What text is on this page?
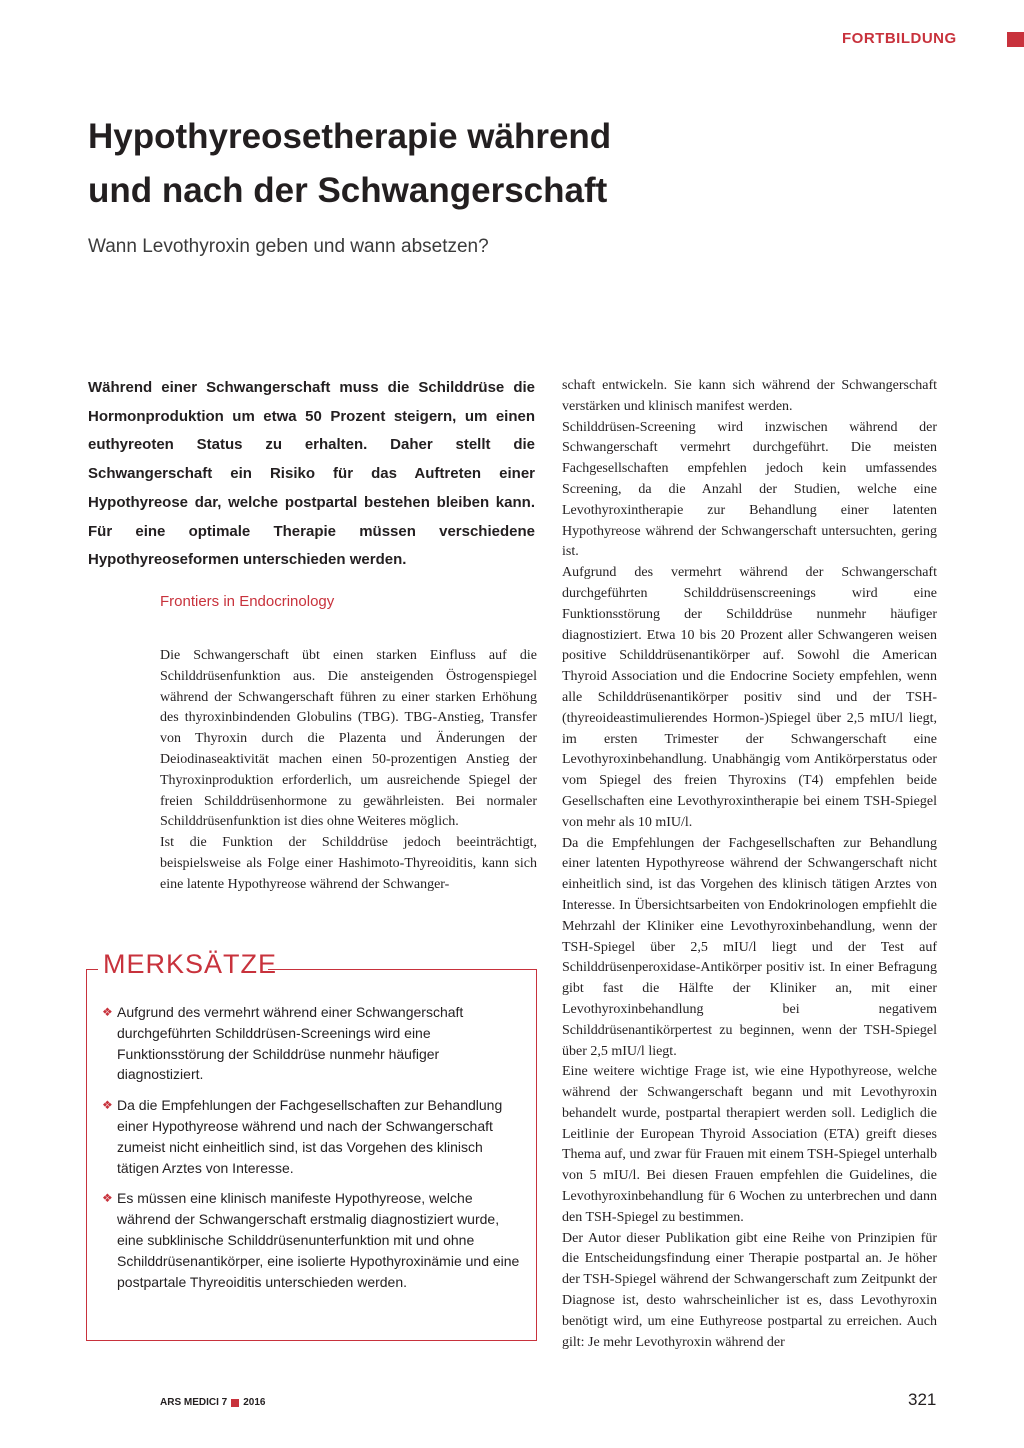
FORTBILDUNG
Hypothyreosetherapie während
und nach der Schwangerschaft
Wann Levothyroxin geben und wann absetzen?

Während einer Schwangerschaft muss die Schilddrüse die Hormonproduktion um etwa 50 Prozent steigern, um einen euthyreoten Status zu erhalten. Daher stellt die Schwangerschaft ein Risiko für das Auftreten einer Hypothyreose dar, welche postpartal bestehen bleiben kann. Für eine optimale Therapie müssen verschiedene Hypothyreoseformen unterschieden werden.

Frontiers in Endocrinology

Die Schwangerschaft übt einen starken Einfluss auf die Schilddrüsenfunktion aus. Die ansteigenden Östrogenspiegel während der Schwangerschaft führen zu einer starken Erhöhung des thyroxinbindenden Globulins (TBG). TBG-Anstieg, Transfer von Thyroxin durch die Plazenta und Änderungen der Deiodinaseaktivität machen einen 50-prozentigen Anstieg der Thyroxinproduktion erforderlich, um ausreichende Spiegel der freien Schilddrüsenhormone zu gewährleisten. Bei normaler Schilddrüsenfunktion ist dies ohne Weiteres möglich.

Ist die Funktion der Schilddrüse jedoch beeinträchtigt, beispielsweise als Folge einer Hashimoto-Thyreoiditis, kann sich eine latente Hypothyreose während der Schwanger-

schaft entwickeln. Sie kann sich während der Schwangerschaft verstärken und klinisch manifest werden.

Schilddrüsen-Screening wird inzwischen während der Schwangerschaft vermehrt durchgeführt. Die meisten Fachgesellschaften empfehlen jedoch kein umfassendes Screening, da die Anzahl der Studien, welche eine Levothyroxintherapie zur Behandlung einer latenten Hypothyreose während der Schwangerschaft untersuchten, gering ist.

Aufgrund des vermehrt während der Schwangerschaft durchgeführten Schilddrüsenscreenings wird eine Funktionsstörung der Schilddrüse nunmehr häufiger diagnostiziert. Etwa 10 bis 20 Prozent aller Schwangeren weisen positive Schilddrüsenantikörper auf. Sowohl die American Thyroid Association und die Endocrine Society empfehlen, wenn alle Schilddrüsenantikörper positiv sind und der TSH-(thyreoideastimulierendes Hormon-)Spiegel über 2,5 mIU/l liegt, im ersten Trimester der Schwangerschaft eine Levothyroxinbehandlung. Unabhängig vom Antikörperstatus oder vom Spiegel des freien Thyroxins (T4) empfehlen beide Gesellschaften eine Levothyroxintherapie bei einem TSH-Spiegel von mehr als 10 mIU/l.

Da die Empfehlungen der Fachgesellschaften zur Behandlung einer latenten Hypothyreose während der Schwangerschaft nicht einheitlich sind, ist das Vorgehen des klinisch tätigen Arztes von Interesse. In Übersichtsarbeiten von Endokrinologen empfiehlt die Mehrzahl der Kliniker eine Levothyroxinbehandlung, wenn der TSH-Spiegel über 2,5 mIU/l liegt und der Test auf Schilddrüsenperoxidase-Antikörper positiv ist. In einer Befragung gibt fast die Hälfte der Kliniker an, mit einer Levothyroxinbehandlung bei negativem Schilddrüsenantikörpertest zu beginnen, wenn der TSH-Spiegel über 2,5 mIU/l liegt.

Eine weitere wichtige Frage ist, wie eine Hypothyreose, welche während der Schwangerschaft begann und mit Levothyroxin behandelt wurde, postpartal therapiert werden soll. Lediglich die Leitlinie der European Thyroid Association (ETA) greift dieses Thema auf, und zwar für Frauen mit einem TSH-Spiegel unterhalb von 5 mIU/l. Bei diesen Frauen empfehlen die Guidelines, die Levothyroxinbehandlung für 6 Wochen zu unterbrechen und dann den TSH-Spiegel zu bestimmen.

Der Autor dieser Publikation gibt eine Reihe von Prinzipien für die Entscheidungsfindung einer Therapie postpartal an. Je höher der TSH-Spiegel während der Schwangerschaft zum Zeitpunkt der Diagnose ist, desto wahrscheinlicher ist es, dass Levothyroxin benötigt wird, um eine Euthyreose postpartal zu erreichen. Auch gilt: Je mehr Levothyroxin während der

MERKSÄTZE
❖ Aufgrund des vermehrt während einer Schwangerschaft durchgeführten Schilddrüsen-Screenings wird eine Funktionsstörung der Schilddrüse nunmehr häufiger diagnostiziert.
❖ Da die Empfehlungen der Fachgesellschaften zur Behandlung einer Hypothyreose während und nach der Schwangerschaft zumeist nicht einheitlich sind, ist das Vorgehen des klinisch tätigen Arztes von Interesse.
❖ Es müssen eine klinisch manifeste Hypothyreose, welche während der Schwangerschaft erstmalig diagnostiziert wurde, eine subklinische Schilddrüsenunterfunktion mit und ohne Schilddrüsenantikörper, eine isolierte Hypothyroxinämie und eine postpartale Thyreoiditis unterschieden werden.
ARS MEDICI 7 2016	321
